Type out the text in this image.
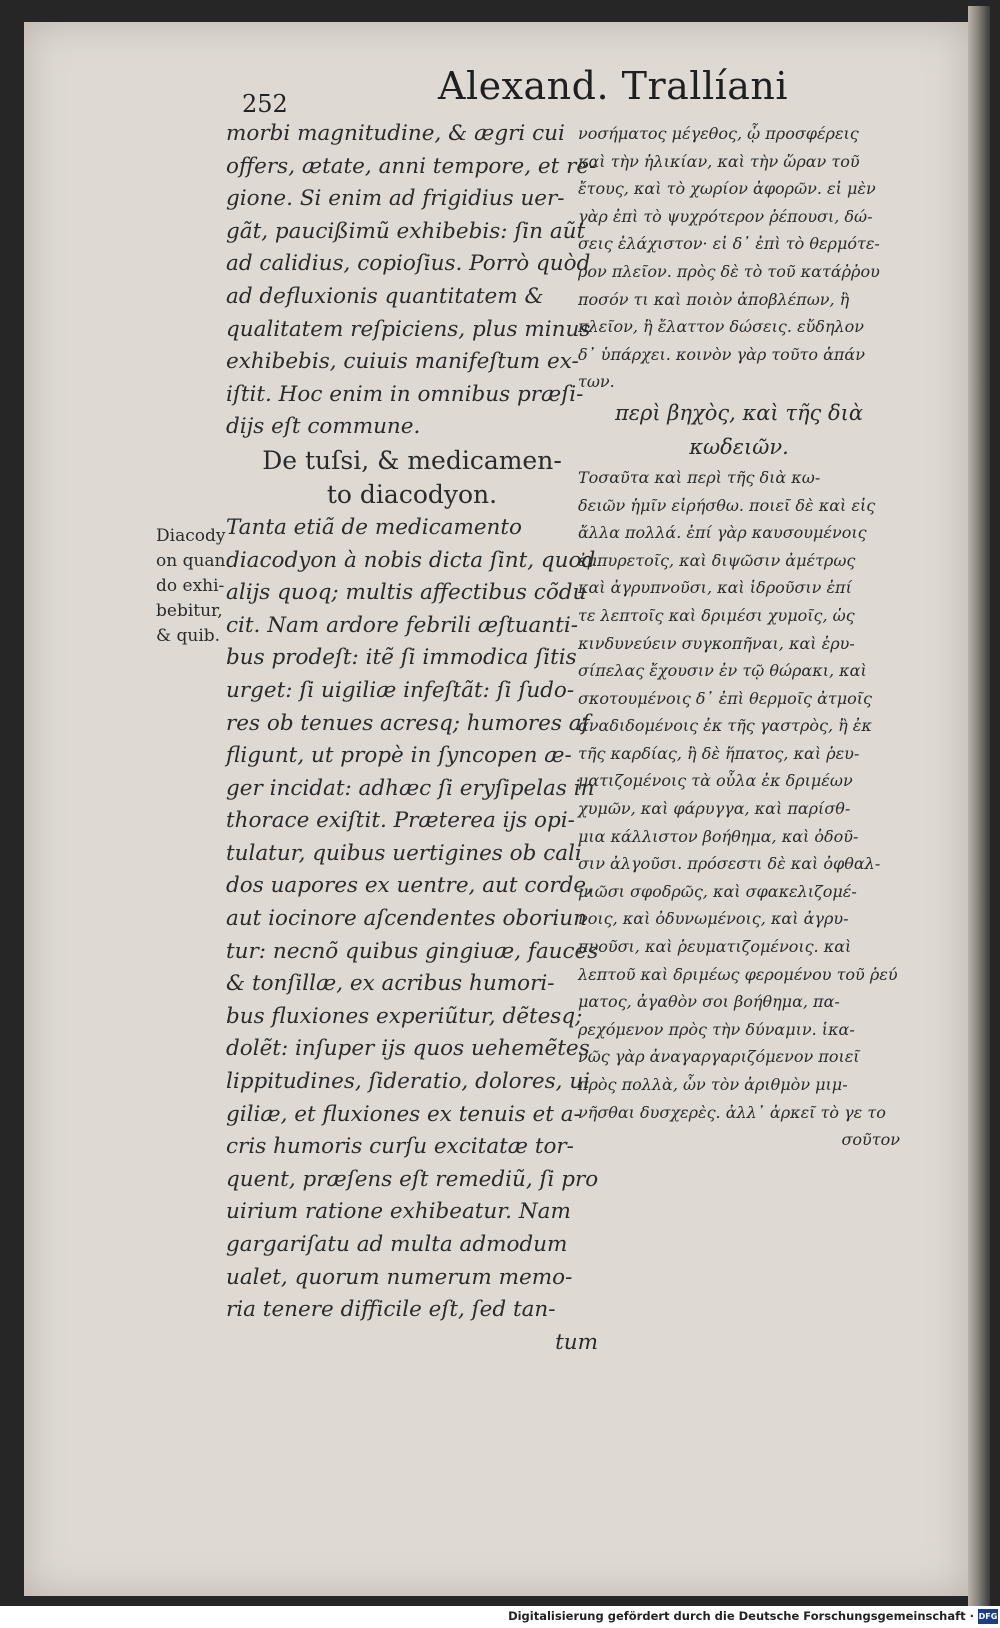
252	Alexand. Trallíani
Diacody
on quan
do exhi-
bebitur,
& quib.
morbi magnitudine, & ægri cui
offers, ætate, anni tempore, et re-
gione. Si enim ad frigidius uer-
gãt, paucißimũ exhibebis: ſin aũt
ad calidius, copioſius. Porrò quòd
ad defluxionis quantitatem &
qualitatem reſpiciens, plus minus
exhibebis, cuiuis manifeſtum ex-
iſtit. Hoc enim in omnibus præſi-
dijs eſt commune.
De tuſsi, & medicamen-
to diacodyon.
Tanta etiã de medicamento
diacodyon à nobis dicta ſint, quod
alijs quoq; multis affectibus cõdu
cit. Nam ardore febrili æſtuanti-
bus prodeſt: itẽ ſi immodica ſitis
urget: ſi uigiliæ infeſtãt: ſi ſudo-
res ob tenues acresq; humores af
fligunt, ut propè in ſyncopen æ-
ger incidat: adhæc ſi eryſipelas in
thorace exiſtit. Præterea ijs opi-
tulatur, quibus uertigines ob cali
dos uapores ex uentre, aut corde,
aut iocinore aſcendentes oboriun
tur: necnõ quibus gingiuæ, fauces
& tonſillæ, ex acribus humori-
bus fluxiones experiũtur, dẽtesq;
dolẽt: inſuper ijs quos uehemẽtes
lippitudines, ſideratio, dolores, ui
giliæ, et fluxiones ex tenuis et a-
cris humoris curſu excitatæ tor-
quent, præſens eſt remediũ, ſi pro
uirium ratione exhibeatur. Nam
gargariſatu ad multa admodum
ualet, quorum numerum memo-
ria tenere difficile eſt, ſed tan-
tum
νοσήματος μέγεθος, ᾧ προσφέρεις
καὶ τὴν ἡλικίαν, καὶ τὴν ὥραν τοῦ
ἔτους, καὶ τὸ χωρίον ἀφορῶν. εἰ μὲν
γὰρ ἐπὶ τὸ ψυχρότερον ῥέπουσι, δώ-
σεις ἐλάχιστον· εἰ δ᾽ ἐπὶ τὸ θερμότε-
ρον πλεῖον. πρὸς δὲ τὸ τοῦ κατάῤῥου
ποσόν τι καὶ ποιὸν ἀποβλέπων, ἢ
πλεῖον, ἢ ἔλαττον δώσεις. εὔδηλον
δ᾽ ὑπάρχει. κοινὸν γὰρ τοῦτο ἁπάν
των.
περὶ βηχὸς, καὶ τῆς διὰ
κωδειῶν.
Τοσαῦτα καὶ περὶ τῆς διὰ κω-
δειῶν ἡμῖν εἰρήσθω. ποιεῖ δὲ καὶ εἰς
ἄλλα πολλά. ἐπί γὰρ καυσουμένοις
ἐμπυρετοῖς, καὶ διψῶσιν ἀμέτρως
καὶ ἀγρυπνοῦσι, καὶ ἱδροῦσιν ἐπί
τε λεπτοῖς καὶ δριμέσι χυμοῖς, ὡς
κινδυνεύειν συγκοπῆναι, καὶ ἐρυ-
σίπελας ἔχουσιν ἐν τῷ θώρακι, καὶ
σκοτουμένοις δ᾽ ἐπὶ θερμοῖς ἀτμοῖς
ἀναδιδομένοις ἐκ τῆς γαστρὸς, ἢ ἐκ
τῆς καρδίας, ἢ δὲ ἥπατος, καὶ ῥευ-
ματιζομένοις τὰ οὖλα ἐκ δριμέων
χυμῶν, καὶ φάρυγγα, καὶ παρίσθ-
μια κάλλιστον βοήθημα, καὶ ὀδοῦ-
σιν ἀλγοῦσι. πρόσεστι δὲ καὶ ὀφθαλ-
μιῶσι σφοδρῶς, καὶ σφακελιζομέ-
νοις, καὶ ὀδυνωμένοις, καὶ ἀγρυ-
πνοῦσι, καὶ ῥευματιζομένοις. καὶ
λεπτοῦ καὶ δριμέως φερομένου τοῦ ῥεύ
ματος, ἀγαθὸν σοι βοήθημα, πα-
ρεχόμενον πρὸς τὴν δύναμιν. ἱκα-
νῶς γὰρ ἀναγαργαριζόμενον ποιεῖ
πρὸς πολλὰ, ὧν τὸν ἀριθμὸν μιμ-
νῆσθαι δυσχερὲς. ἀλλ᾽ ἀρκεῖ τὸ γε το
σοῦτον
Digitalisierung gefördert durch die Deutsche Forschungsgemeinschaft · DFG
